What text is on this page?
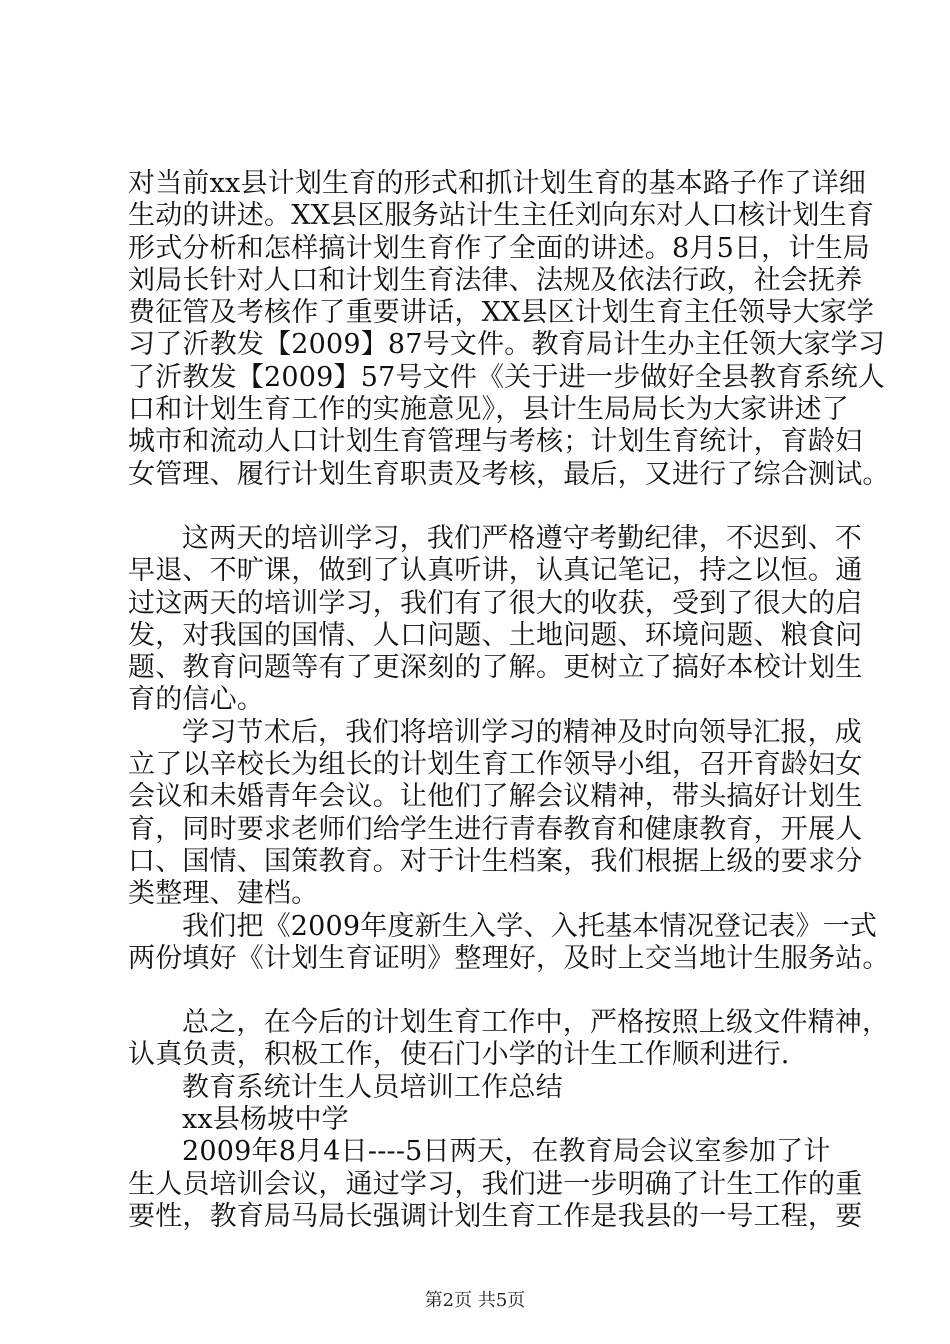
对当前xx县计划生育的形式和抓计划生育的基本路子作了详细
生动的讲述。XX县区服务站计生主任刘向东对人口核计划生育
形式分析和怎样搞计划生育作了全面的讲述。8月5日，计生局
刘局长针对人口和计划生育法律、法规及依法行政，社会抚养
费征管及考核作了重要讲话，XX县区计划生育主任领导大家学
习了沂教发【2009】87号文件。教育局计生办主任领大家学习
了沂教发【2009】57号文件《关于进一步做好全县教育系统人
口和计划生育工作的实施意见》，县计生局局长为大家讲述了
城市和流动人口计划生育管理与考核；计划生育统计，育龄妇
女管理、履行计划生育职责及考核，最后，又进行了综合测试。
这两天的培训学习，我们严格遵守考勤纪律，不迟到、不
早退、不旷课，做到了认真听讲，认真记笔记，持之以恒。通
过这两天的培训学习，我们有了很大的收获，受到了很大的启
发，对我国的国情、人口问题、土地问题、环境问题、粮食问
题、教育问题等有了更深刻的了解。更树立了搞好本校计划生
育的信心。
学习节术后，我们将培训学习的精神及时向领导汇报，成
立了以辛校长为组长的计划生育工作领导小组，召开育龄妇女
会议和未婚青年会议。让他们了解会议精神，带头搞好计划生
育，同时要求老师们给学生进行青春教育和健康教育，开展人
口、国情、国策教育。对于计生档案，我们根据上级的要求分
类整理、建档。
我们把《2009年度新生入学、入托基本情况登记表》一式
两份填好《计划生育证明》整理好，及时上交当地计生服务站。
总之，在今后的计划生育工作中，严格按照上级文件精神，
认真负责，积极工作，使石门小学的计生工作顺利进行.
教育系统计生人员培训工作总结
xx县杨坡中学
2009年8月4日----5日两天，在教育局会议室参加了计
生人员培训会议，通过学习，我们进一步明确了计生工作的重
要性，教育局马局长强调计划生育工作是我县的一号工程，要
第2页 共5页
